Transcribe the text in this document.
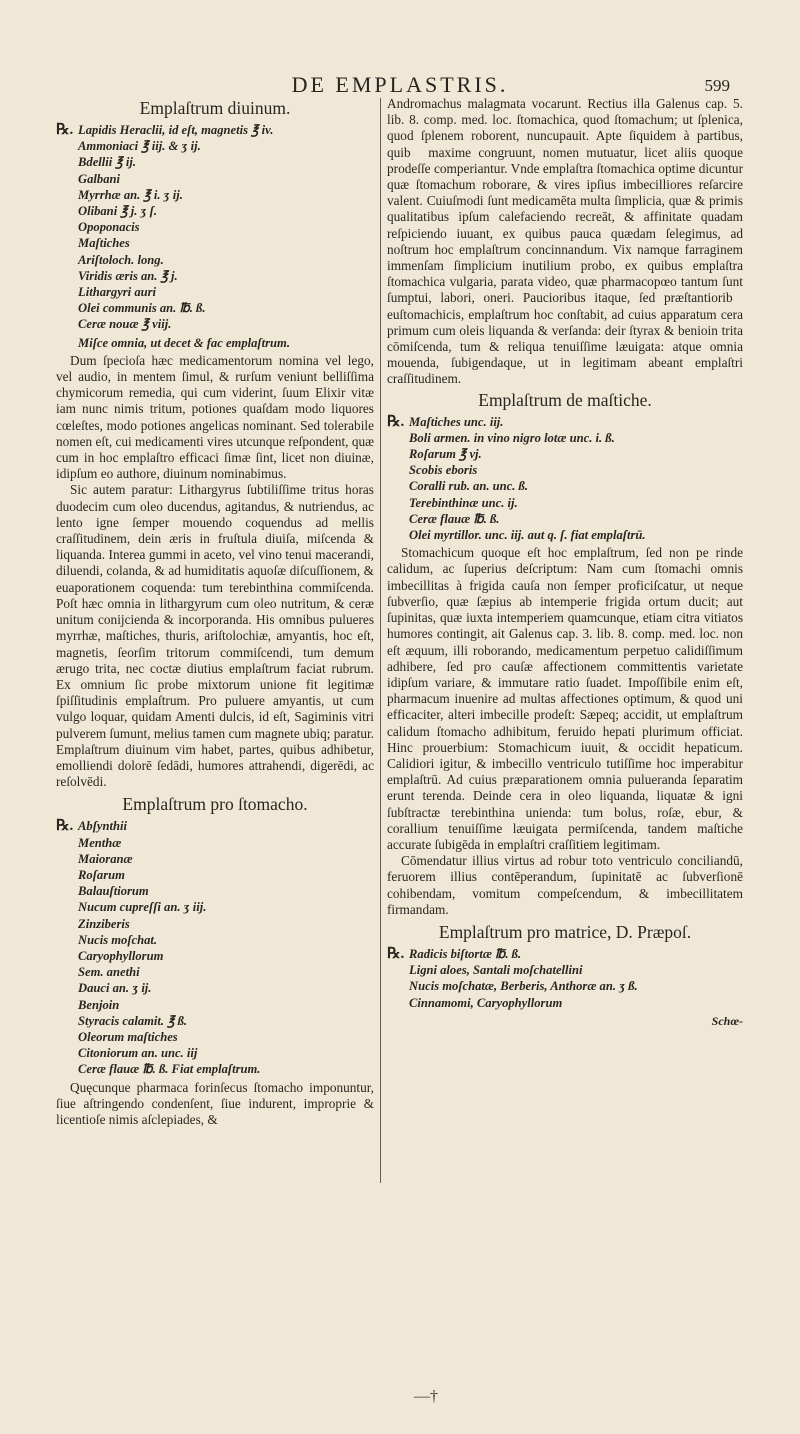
DE EMPLASTRIS.	599
Emplaſtrum diuinum.
℞. Lapidis Heraclii, id eſt, magnetis ℥ iv.
Ammoniaci ℥ iij. & ʒ ij.
Bdellii ℥ ij.
Galbani
Myrrhæ an. ℥ i. ʒ ij.
Olibani ℥ j. ʒ ſ.
Opoponacis
Maſtiches
Ariſtoloch. long.
Viridis æris an. ℥ j.
Lithargyri auri
Olei communis an. ℔. ß.
Ceræ nouæ ℥ viij.
Miſce omnia, ut decet & fac emplaſtrum.

Dum ſpecioſa hæc medicamentorum nomina vel lego, vel audio, in mentem ſimul, & rurſum veniunt belliſſima chymicorum remedia, qui cum viderint, ſuum Elixir vitæ iam nunc nimis tritum, potiones quaſdam modo liquores cœleſtes, modo potiones angelicas nominant. Sed tolerabile nomen eſt, cui medicamenti vires utcunque reſpondent, quæ cum in hoc emplaſtro efficaci ſimæ ſint, licet non diuinæ, idipſum eo authore, diuinum nominabimus.

Sic autem paratur: Lithargyrus ſubtiliſſime tritus horas duodecim cum oleo ducendus, agitandus, & nutriendus, ac lento igne ſemper mouendo coquendus ad mellis craſſitudinem, dein æris in fruſtula diuiſa, miſcenda & liquanda. Interea gummi in aceto, vel vino tenui macerandi, diluendi, colanda, & ad humiditatis aquoſæ diſcuſſionem, & euaporationem coquenda: tum terebinthina commiſcenda. Poſt hæc omnia in lithargyrum cum oleo nutritum, & ceræ unitum conijcienda & incorporanda. His omnibus pulueres myrrhæ, maſtiches, thuris, ariſtolochiæ, amyantis, hoc eſt, magnetis, ſeorſim tritorum commiſcendi, tum demum ærugo trita, nec coctæ diutius emplaſtrum faciat rubrum. Ex omnium ſic probe mixtorum unione fit legitimæ ſpiſſitudinis emplaſtrum. Pro puluere amyantis, ut cum vulgo loquar, quidam Amenti dulcis, id eſt, Sagiminis vitri pulverem ſumunt, melius tamen cum magnete ubiq; paratur. Emplaſtrum diuinum vim habet, partes, quibus adhibetur, emolliendi dolorē ſedādi, humores attrahendi, digerēdi, ac reſolvēdi.

Emplaſtrum pro ſtomacho.
℞. Abſynthii
Menthæ
Maioranæ
Roſarum
Balauſtiorum
Nucum cupreſſi an. ʒ iij.
Zinziberis
Nucis moſchat.
Caryophyllorum
Sem. anethi
Dauci an. ʒ ij.
Benjoin
Styracis calamit. ℥ ß.
Oleorum maſtiches
Citoniorum an. unc. iij
Ceræ flauæ ℔. ß. Fiat emplaſtrum.

Quęcunque pharmaca forinſecus ſtomacho imponuntur, ſiue aſtringendo condenſent, ſiue indurent, improprie & licentioſe nimis aſclepiades, &

Andromachus malagmata vocarunt. Rectius illa Galenus cap. 5. lib. 8. comp. med. loc. ſtomachica, quod ſtomachum; ut ſplenica, quod ſplenem roborent, nuncupauit. Apte ſiquidem à partibus, quib᷑ maxime congruunt, nomen mutuatur, licet aliis quoque prodeſſe comperiantur. Vnde emplaſtra ſtomachica optime dicuntur quæ ſtomachum roborare, & vires ipſius imbecilliores reſarcire valent. Cuiuſmodi ſunt medicamēta multa ſimplicia, quæ & primis qualitatibus ipſum calefaciendo recreāt, & affinitate quadam reſpiciendo iuuant, ex quibus pauca quædam ſelegimus, ad noſtrum hoc emplaſtrum concinnandum. Vix namque farraginem immenſam ſimplicium inutilium probo, ex quibus emplaſtra ſtomachica vulgaria, parata video, quæ pharmacopœo tantum ſunt ſumptui, labori, oneri. Paucioribus itaque, ſed præſtantiorib᷑ euſtomachicis, emplaſtrum hoc conſtabit, ad cuius apparatum cera primum cum oleis liquanda & verſanda: deir ſtyrax & benioin trita cōmiſcenda, tum & reliqua tenuiſſime læuigata: atque omnia mouenda, ſubigendaque, ut in legitimam abeant emplaſtri craſſitudinem.

Emplaſtrum de maſtiche.
℞. Maſtiches unc. iij.
Boli armen. in vino nigro lotæ unc. i. ß.
Roſarum ℥ vj.
Scobis eboris
Coralli rub. an. unc. ß.
Terebinthinæ unc. ij.
Ceræ flauæ ℔. ß.
Olei myrtillor. unc. iij. aut q. ſ. fiat emplaſtrū.

Stomachicum quoque eſt hoc emplaſtrum, ſed non pe rinde calidum, ac ſuperius deſcriptum: Nam cum ſtomachi omnis imbecillitas à frigida cauſa non ſemper proficiſcatur, ut neque ſubverſio, quæ ſæpius ab intemperie frigida ortum ducit; aut ſupinitas, quæ iuxta intemperiem quamcunque, etiam citra vitiatos humores contingit, ait Galenus cap. 3. lib. 8. comp. med. loc. non eſt æquum, illi roborando, medicamentum perpetuo calidiſſimum adhibere, ſed pro cauſæ affectionem committentis varietate idipſum variare, & immutare ratio ſuadet. Impoſſibile enim eſt, pharmacum inuenire ad multas affectiones optimum, & quod uni efficaciter, alteri imbecille prodeſt: Sæpeq; accidit, ut emplaſtrum calidum ſtomacho adhibitum, feruido hepati plurimum officiat. Hinc prouerbium: Stomachicum iuuit, & occidit hepaticum. Calidiori igitur, & imbecillo ventriculo tutiſſime hoc imperabitur emplaſtrū. Ad cuius præparationem omnia pulueranda ſeparatim erunt terenda. Deinde cera in oleo liquanda, liquatæ & igni ſubſtractæ terebinthina unienda: tum bolus, roſæ, ebur, & corallium tenuiſſime læuigata permiſcenda, tandem maſtiche accurate ſubigēda in emplaſtri craſſitiem legitimam.

Cōmendatur illius virtus ad robur toto ventriculo conciliandū, feruorem illius contēperandum, ſupinitatē ac ſubverſionē cohibendam, vomitum compeſcendum, & imbecillitatem firmandam.

Emplaſtrum pro matrice, D. Præpoſ.
℞. Radicis biſtortæ ℔. ß.
Ligni aloes, Santali moſchatellini
Nucis moſchatæ, Berberis, Anthoræ an. ʒ ß.
Cinnamomi, Caryophyllorum
Schœ-
—†
